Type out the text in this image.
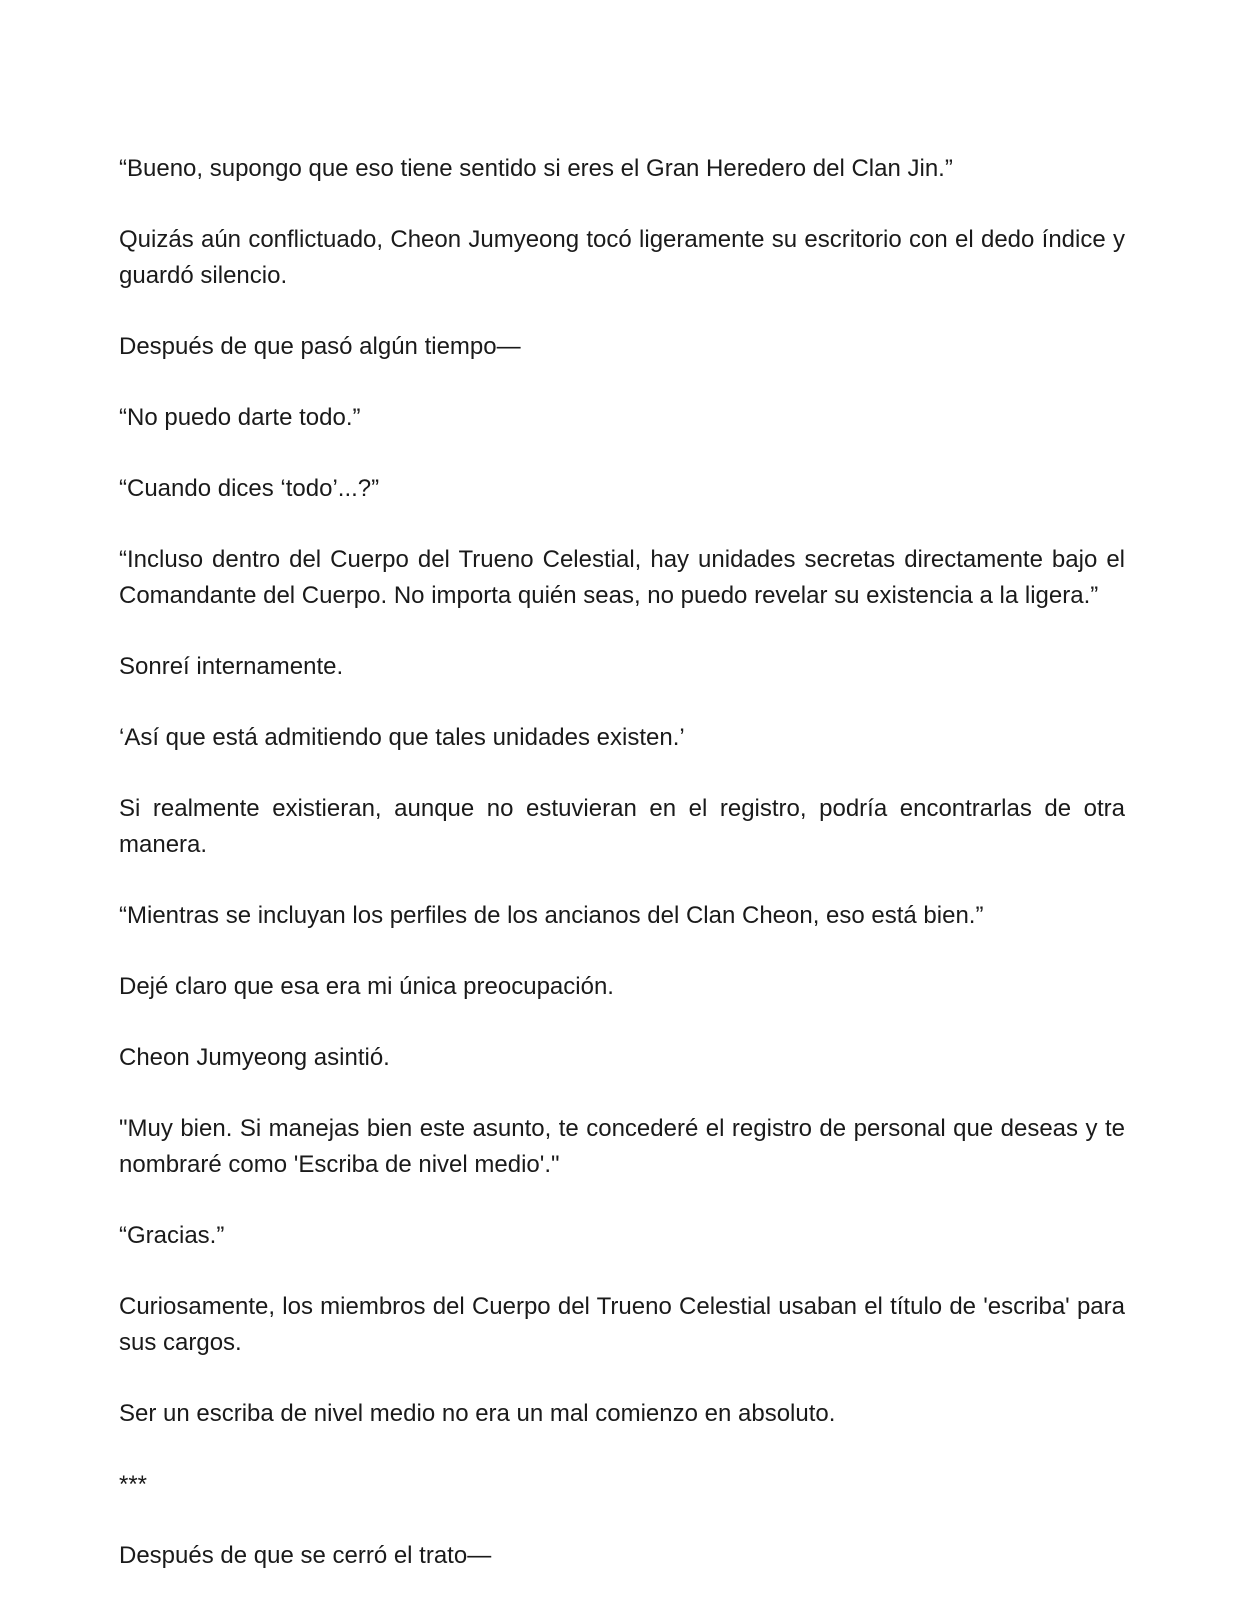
“Bueno, supongo que eso tiene sentido si eres el Gran Heredero del Clan Jin.”

Quizás aún conflictuado, Cheon Jumyeong tocó ligeramente su escritorio con el dedo índice y guardó silencio.

Después de que pasó algún tiempo—

“No puedo darte todo.”

“Cuando dices ‘todo’...?”

“Incluso dentro del Cuerpo del Trueno Celestial, hay unidades secretas directamente bajo el Comandante del Cuerpo. No importa quién seas, no puedo revelar su existencia a la ligera.”

Sonreí internamente.

‘Así que está admitiendo que tales unidades existen.’

Si realmente existieran, aunque no estuvieran en el registro, podría encontrarlas de otra manera.

“Mientras se incluyan los perfiles de los ancianos del Clan Cheon, eso está bien.”

Dejé claro que esa era mi única preocupación.

Cheon Jumyeong asintió.

"Muy bien. Si manejas bien este asunto, te concederé el registro de personal que deseas y te nombraré como 'Escriba de nivel medio'."

“Gracias.”

Curiosamente, los miembros del Cuerpo del Trueno Celestial usaban el título de 'escriba' para sus cargos.

Ser un escriba de nivel medio no era un mal comienzo en absoluto.

***

Después de que se cerró el trato—
